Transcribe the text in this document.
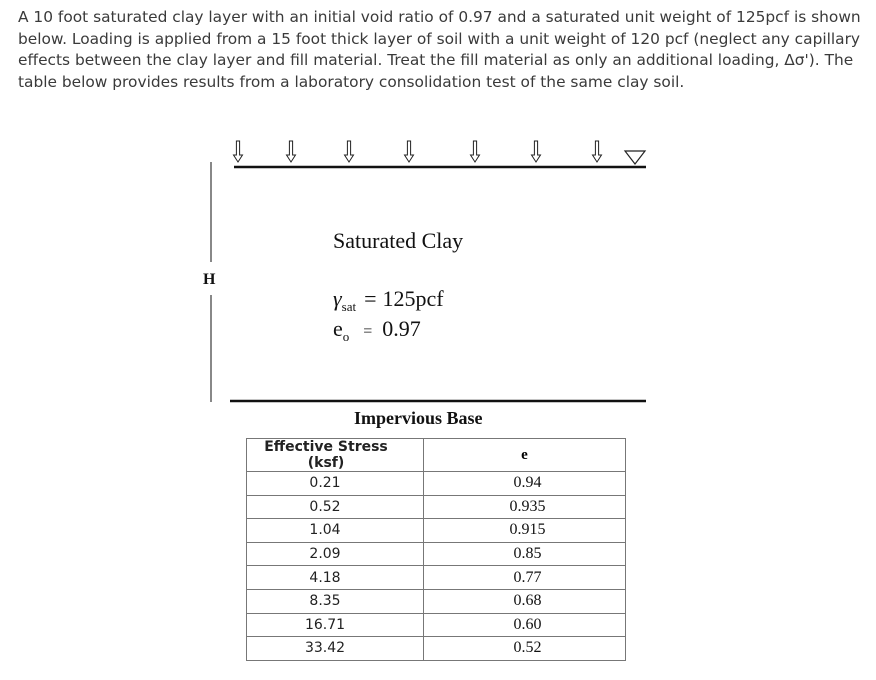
A 10 foot saturated clay layer with an initial void ratio of 0.97 and a saturated unit weight of 125pcf is shown below. Loading is applied from a 15 foot thick layer of soil with a unit weight of 120 pcf (neglect any capillary effects between the clay layer and fill material. Treat the fill material as only an additional loading, Δσ'). The table below provides results from a laboratory consolidation test of the same clay soil.

Saturated Clay
H
$\gamma_{sat} = 125pcf$
$e_o = 0.97$
Impervious Base
Effective Stress (ksf)	e
0.21	0.94
0.52	0.935
1.04	0.915
2.09	0.85
4.18	0.77
8.35	0.68
16.71	0.60
33.42	0.52
